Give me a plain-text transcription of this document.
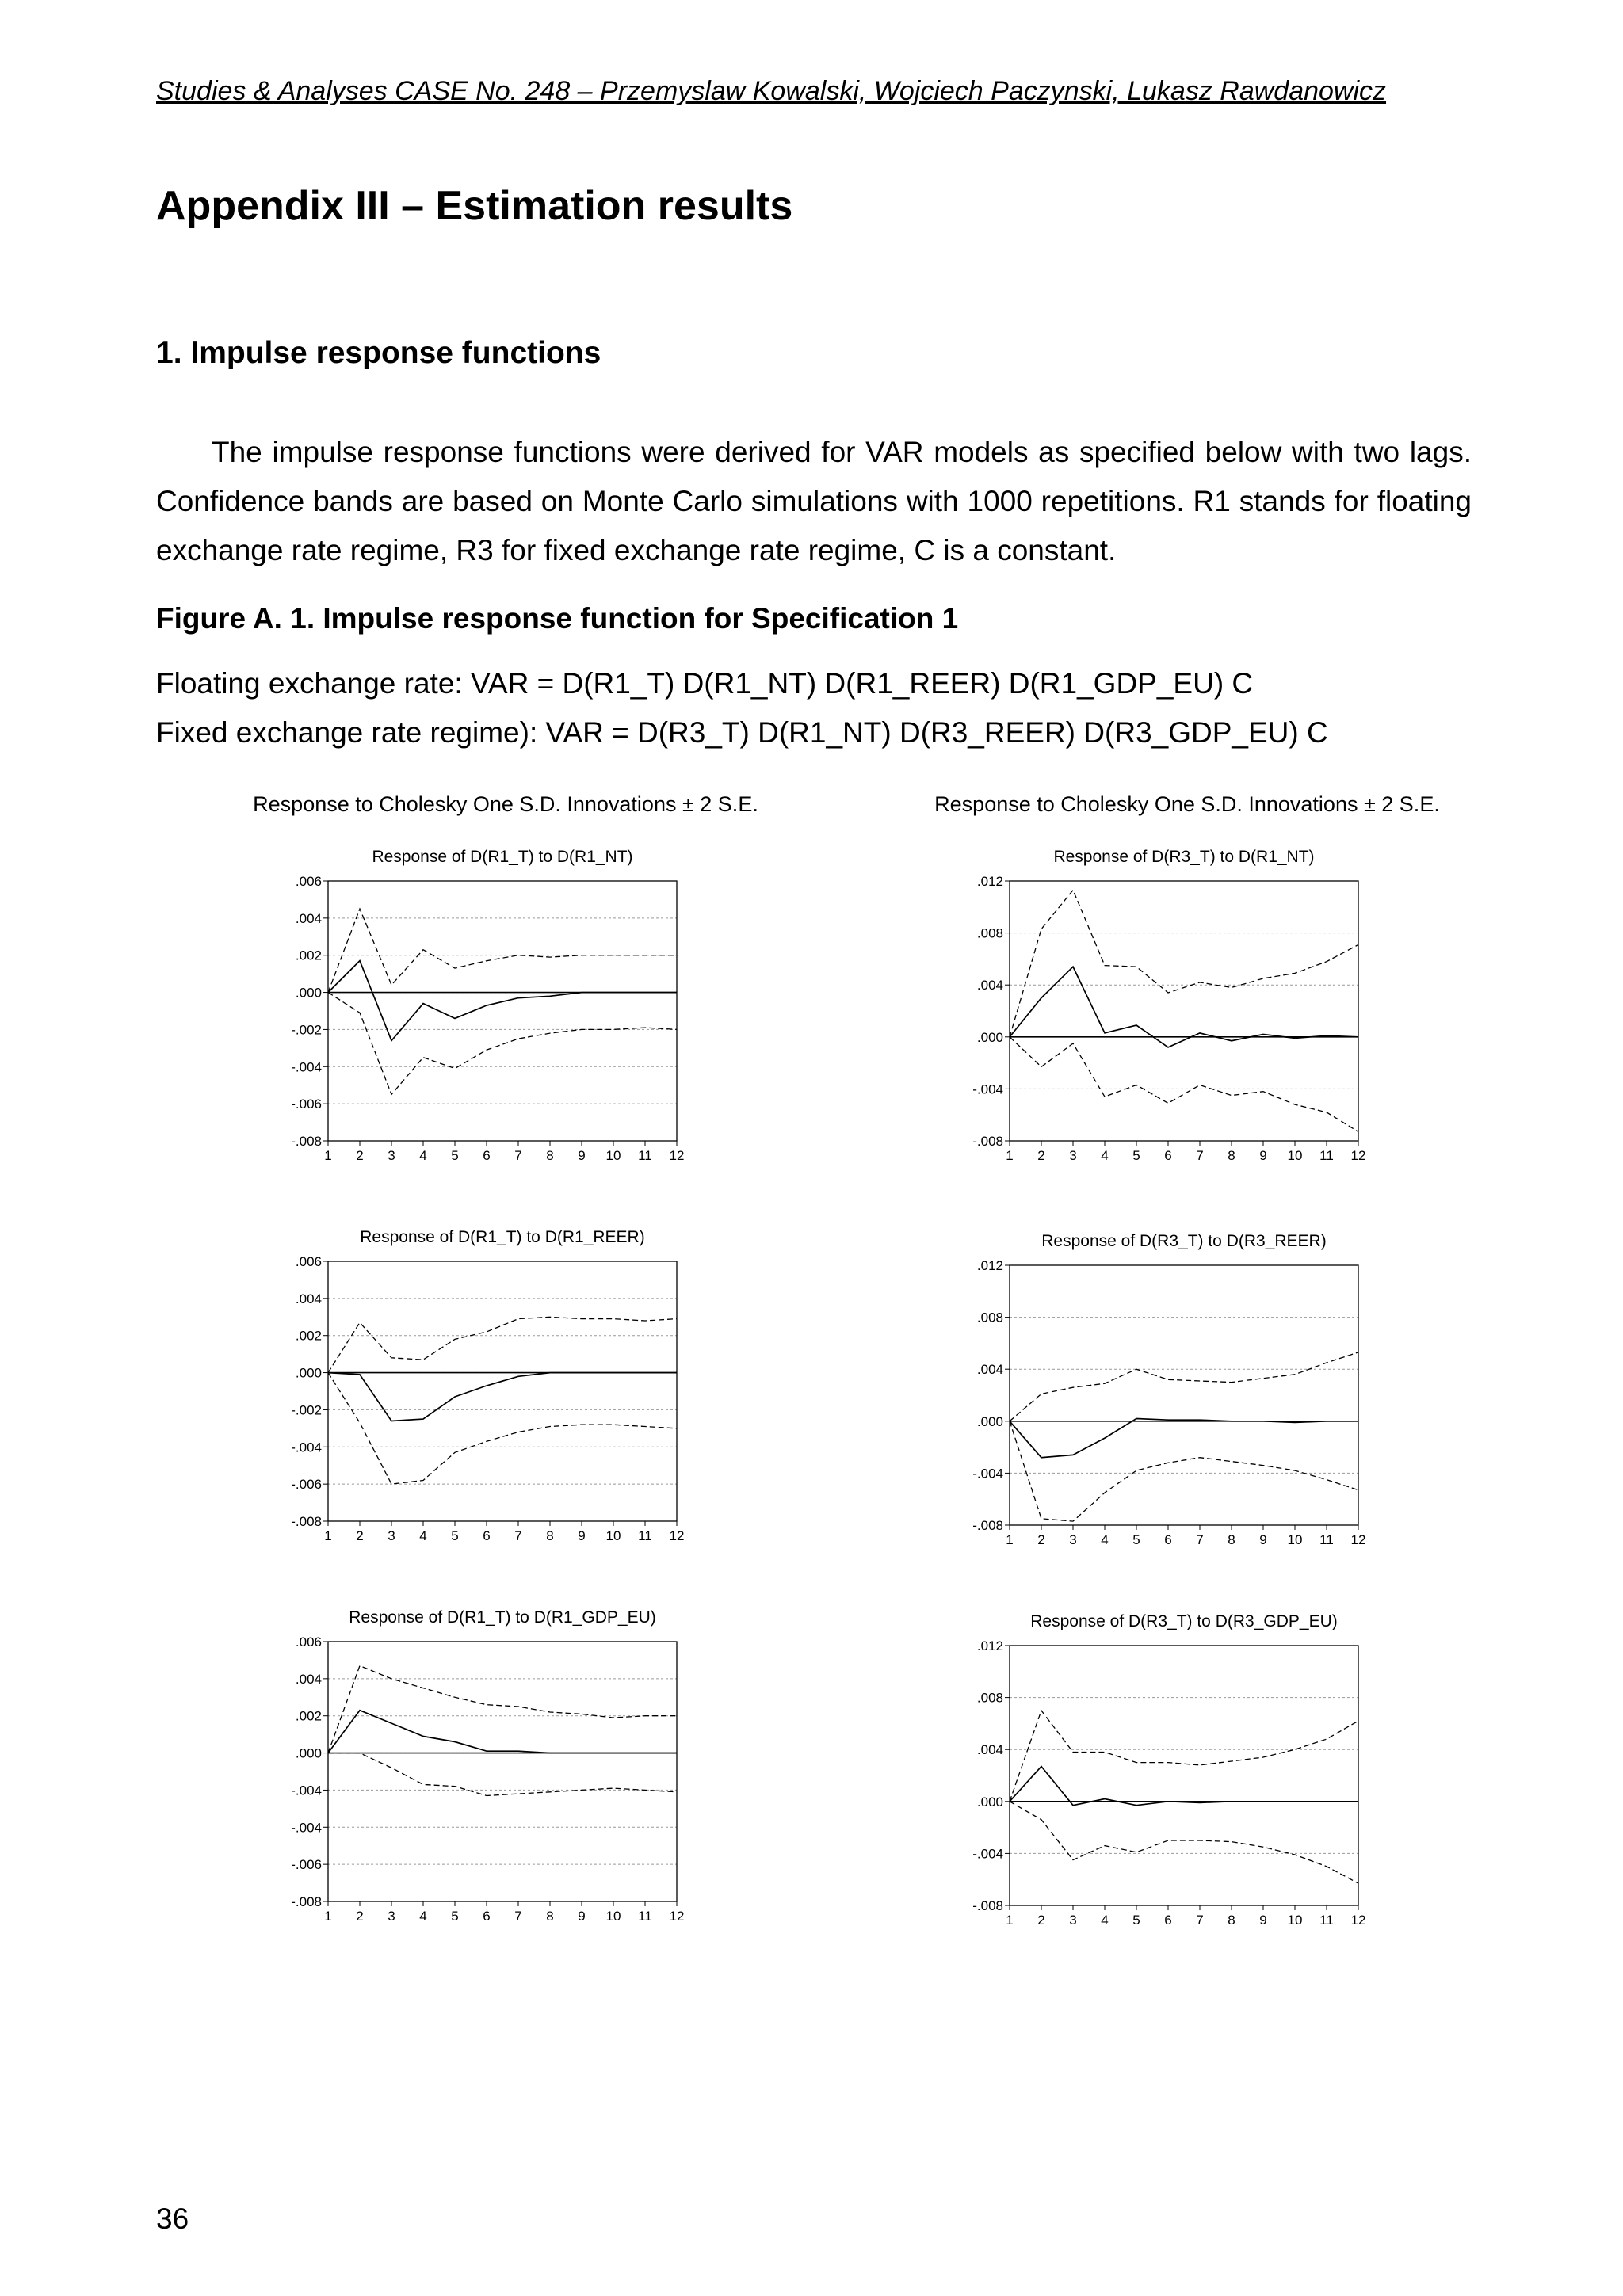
Studies & Analyses CASE No. 248 – Przemyslaw Kowalski, Wojciech Paczynski, Lukasz Rawdanowicz
Appendix III – Estimation results
1. Impulse response functions

The impulse response functions were derived for VAR models as specified below with two lags. Confidence bands are based on Monte Carlo simulations with 1000 repetitions. R1 stands for floating exchange rate regime, R3 for fixed exchange rate regime, C is a constant.

Figure A. 1. Impulse response function for Specification 1

Floating exchange rate: VAR = D(R1_T) D(R1_NT) D(R1_REER) D(R1_GDP_EU) C

Fixed exchange rate regime): VAR = D(R3_T) D(R1_NT) D(R3_REER) D(R3_GDP_EU) C

Response to Cholesky One S.D. Innovations ± 2 S.E.	Response to Cholesky One S.D. Innovations ± 2 S.E.
Response of D(R1_T) to D(R1_NT)
.006
.004
.002
.000
-.002
-.004
-.006
-.008
1 2 3 4 5 6 7 8 9 10 11 12
Response of D(R3_T) to D(R1_NT)
.012
.008
.004
.000
-.004
-.008
1 2 3 4 5 6 7 8 9 10 11 12
Response of D(R1_T) to D(R1_REER)
.006
.004
.002
.000
-.002
-.004
-.006
-.008
1 2 3 4 5 6 7 8 9 10 11 12
Response of D(R3_T) to D(R3_REER)
.012
.008
.004
.000
-.004
-.008
1 2 3 4 5 6 7 8 9 10 11 12
Response of D(R1_T) to D(R1_GDP_EU)
.006
.004
.002
.000
-.004
-.004
-.006
-.008
1 2 3 4 5 6 7 8 9 10 11 12
Response of D(R3_T) to D(R3_GDP_EU)
.012
.008
.004
.000
-.004
-.008
1 2 3 4 5 6 7 8 9 10 11 12
36
